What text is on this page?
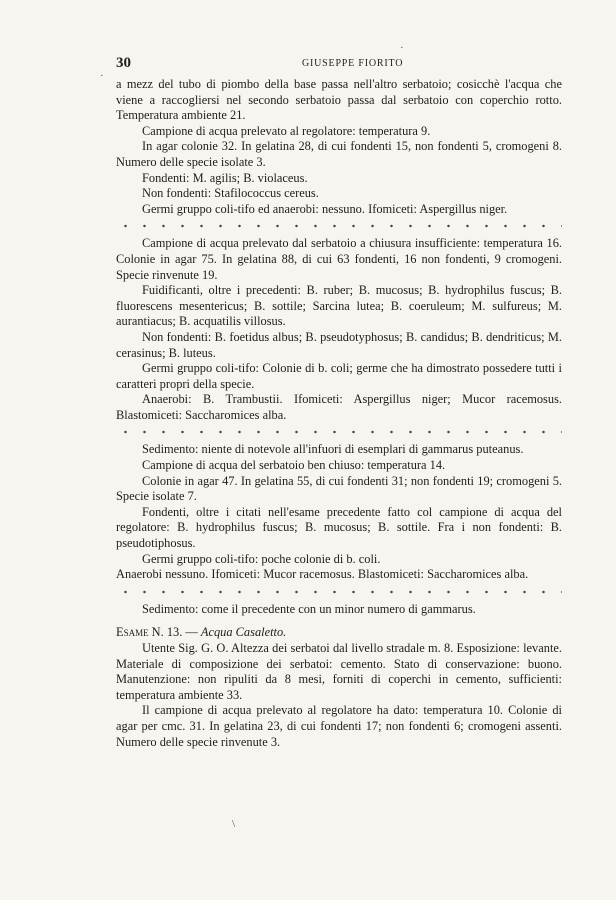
30	GIUSEPPE FIORITO

a mezz del tubo di piombo della base passa nell'altro serbatoio; cosicchè l'acqua che viene a raccogliersi nel secondo serbatoio passa dal serbatoio con coperchio rotto. Temperatura ambiente 21.

Campione di acqua prelevato al regolatore: temperatura 9.

In agar colonie 32. In gelatina 28, di cui fondenti 15, non fondenti 5, cromogeni 8. Numero delle specie isolate 3.

Fondenti: M. agilis; B. violaceus.

Non fondenti: Stafilococcus cereus.

Germi gruppo coli-tifo ed anaerobi: nessuno. Ifomiceti: Aspergillus niger.

Campione di acqua prelevato dal serbatoio a chiusura insufficiente: temperatura 16. Colonie in agar 75. In gelatina 88, di cui 63 fondenti, 16 non fondenti, 9 cromogeni. Specie rinvenute 19.

Fuidificanti, oltre i precedenti: B. ruber; B. mucosus; B. hydrophilus fuscus; B. fluorescens mesentericus; B. sottile; Sarcina lutea; B. coeruleum; M. sulfureus; M. aurantiacus; B. acquatilis villosus.

Non fondenti: B. foetidus albus; B. pseudotyphosus; B. candidus; B. dendriticus; M. cerasinus; B. luteus.

Germi gruppo coli-tifo: Colonie di b. coli; germe che ha dimostrato possedere tutti i caratteri propri della specie.

Anaerobi: B. Trambustii. Ifomiceti: Aspergillus niger; Mucor racemosus. Blastomiceti: Saccharomices alba.

Sedimento: niente di notevole all'infuori di esemplari di gammarus puteanus.

Campione di acqua del serbatoio ben chiuso: temperatura 14.

Colonie in agar 47. In gelatina 55, di cui fondenti 31; non fondenti 19; cromogeni 5. Specie isolate 7.

Fondenti, oltre i citati nell'esame precedente fatto col campione di acqua del regolatore: B. hydrophilus fuscus; B. mucosus; B. sottile. Fra i non fondenti: B. pseudotiphosus.

Germi gruppo coli-tifo: poche colonie di b. coli.

Anaerobi nessuno. Ifomiceti: Mucor racemosus. Blastomiceti: Saccharomices alba.

Sedimento: come il precedente con un minor numero di gammarus.

Esame N. 13. — Acqua Casaletto.

Utente Sig. G. O. Altezza dei serbatoi dal livello stradale m. 8. Esposizione: levante. Materiale di composizione dei serbatoi: cemento. Stato di conservazione: buono. Manutenzione: non ripuliti da 8 mesi, forniti di coperchi in cemento, sufficienti: temperatura ambiente 33.

Il campione di acqua prelevato al regolatore ha dato: temperatura 10. Colonie di agar per cmc. 31. In gelatina 23, di cui fondenti 17; non fondenti 6; cromogeni assenti. Numero delle specie rinvenute 3.

·
·
\
